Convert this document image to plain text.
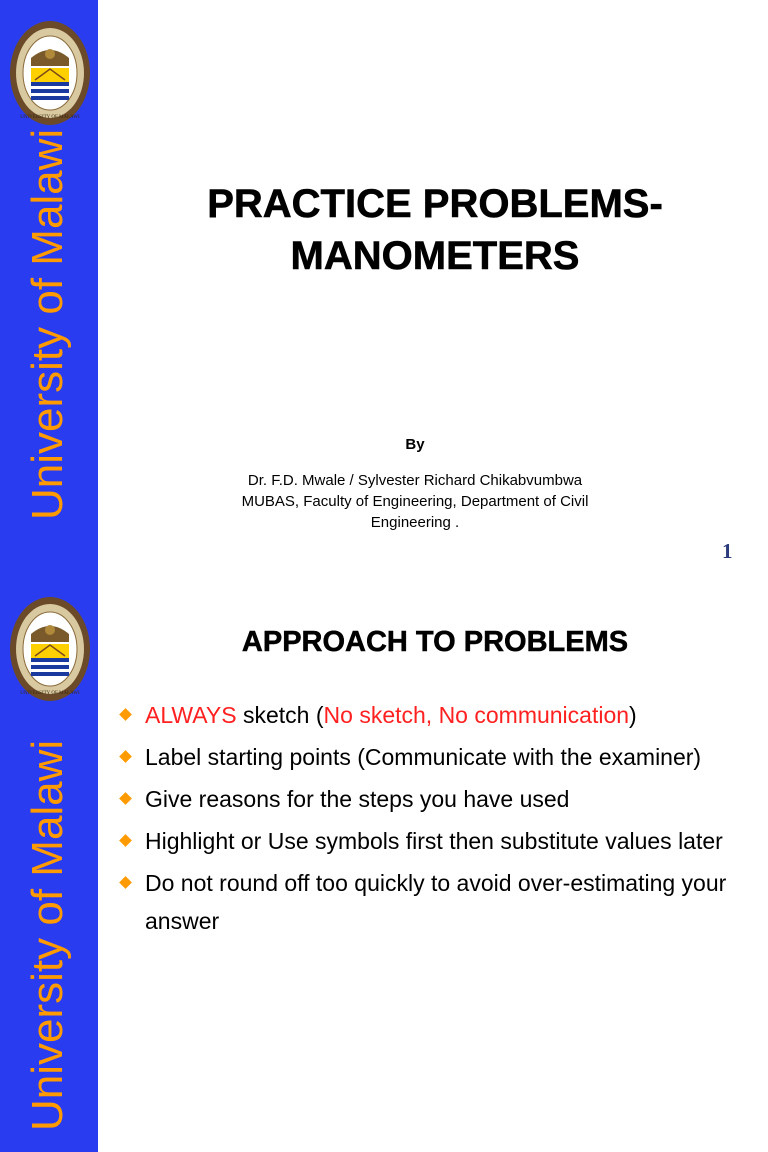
UNIVERSITY OF MALAWI
University of Malawi	PRACTICE PROBLEMS-
MANOMETERS
By
Dr. F.D. Mwale / Sylvester Richard Chikabvumbwa
MUBAS, Faculty of Engineering, Department of Civil
Engineering .
1
UNIVERSITY OF MALAWI
University of Malawi
APPROACH TO PROBLEMS
ALWAYS sketch (No sketch, No communication)
Label starting points (Communicate with the examiner)
Give reasons for the steps you have used
Highlight or Use symbols first then substitute values later
Do not round off too quickly to avoid over-estimating your answer
